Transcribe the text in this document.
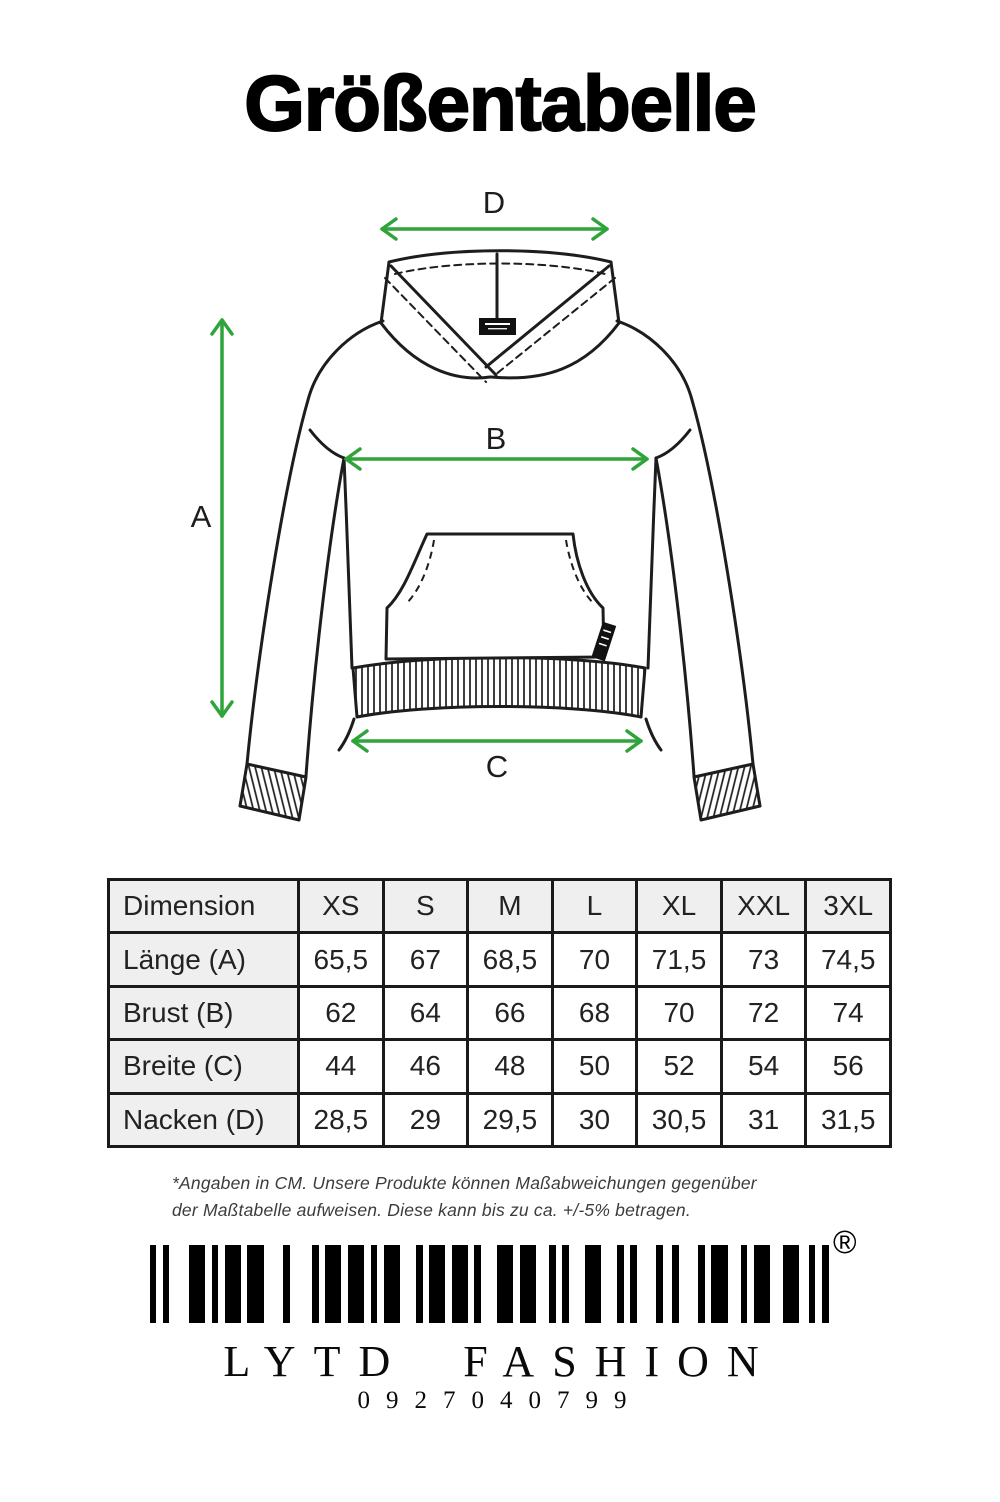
Größentabelle
D
A
B
C
Dimension	XS	S	M	L	XL	XXL	3XL
Länge (A)	65,5	67	68,5	70	71,5	73	74,5
Brust (B)	62	64	66	68	70	72	74
Breite (C)	44	46	48	50	52	54	56
Nacken (D)	28,5	29	29,5	30	30,5	31	31,5
*Angaben in CM. Unsere Produkte können Maßabweichungen gegenüber
der Maßtabelle aufweisen. Diese kann bis zu ca. +/-5% betragen.
®
LYTD FASHION
0927040799
